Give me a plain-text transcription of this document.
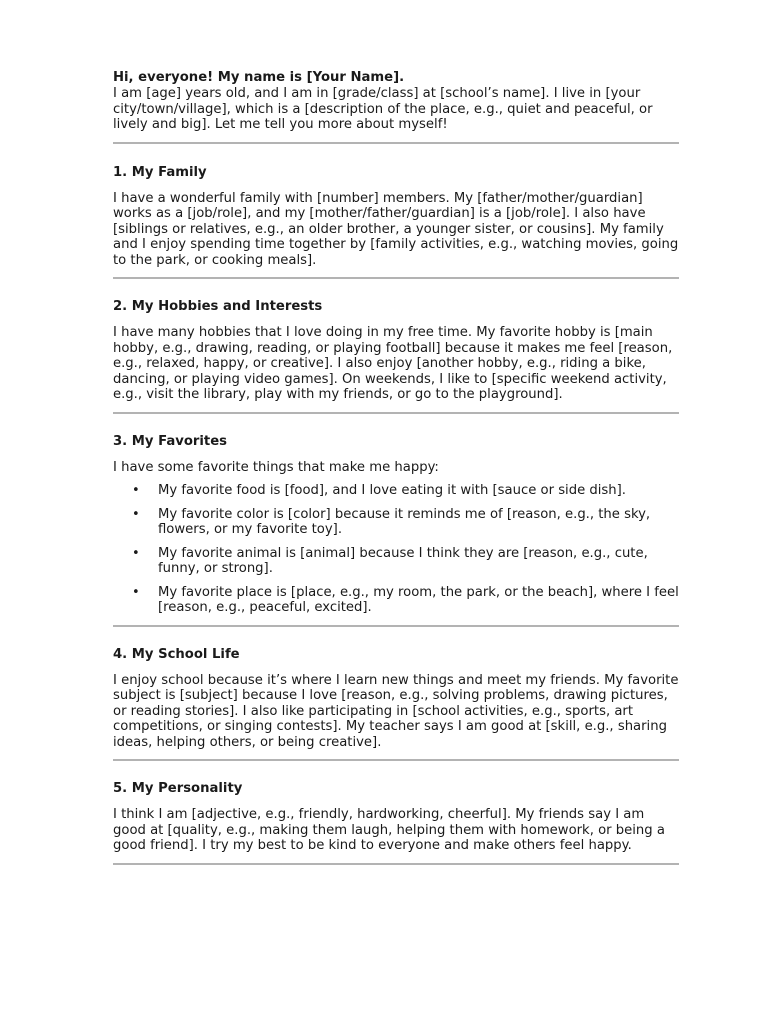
Hi, everyone! My name is [Your Name].

I am [age] years old, and I am in [grade/class] at [school’s name]. I live in [your city/town/village], which is a [description of the place, e.g., quiet and peaceful, or lively and big]. Let me tell you more about myself!

1. My Family

I have a wonderful family with [number] members. My [father/mother/guardian] works as a [job/role], and my [mother/father/guardian] is a [job/role]. I also have [siblings or relatives, e.g., an older brother, a younger sister, or cousins]. My family and I enjoy spending time together by [family activities, e.g., watching movies, going to the park, or cooking meals].

2. My Hobbies and Interests

I have many hobbies that I love doing in my free time. My favorite hobby is [main hobby, e.g., drawing, reading, or playing football] because it makes me feel [reason, e.g., relaxed, happy, or creative]. I also enjoy [another hobby, e.g., riding a bike, dancing, or playing video games]. On weekends, I like to [specific weekend activity, e.g., visit the library, play with my friends, or go to the playground].

3. My Favorites

I have some favorite things that make me happy:

• My favorite food is [food], and I love eating it with [sauce or side dish].
• My favorite color is [color] because it reminds me of [reason, e.g., the sky, flowers, or my favorite toy].
• My favorite animal is [animal] because I think they are [reason, e.g., cute, funny, or strong].
• My favorite place is [place, e.g., my room, the park, or the beach], where I feel [reason, e.g., peaceful, excited].
4. My School Life

I enjoy school because it’s where I learn new things and meet my friends. My favorite subject is [subject] because I love [reason, e.g., solving problems, drawing pictures, or reading stories]. I also like participating in [school activities, e.g., sports, art competitions, or singing contests]. My teacher says I am good at [skill, e.g., sharing ideas, helping others, or being creative].

5. My Personality

I think I am [adjective, e.g., friendly, hardworking, cheerful]. My friends say I am good at [quality, e.g., making them laugh, helping them with homework, or being a good friend]. I try my best to be kind to everyone and make others feel happy.
